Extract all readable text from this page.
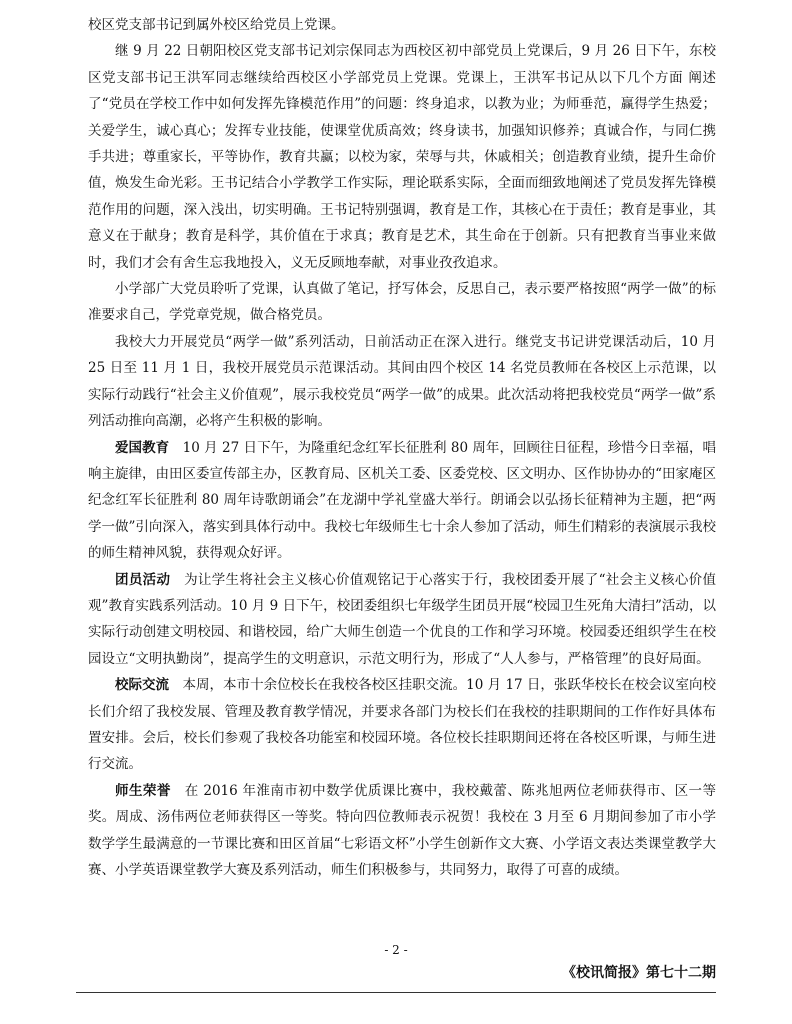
校区党支部书记到属外校区给党员上党课。

继 9 月 22 日朝阳校区党支部书记刘宗保同志为西校区初中部党员上党课后，9 月 26 日下午，东校区党支部书记王洪军同志继续给西校区小学部党员上党课。党课上，王洪军书记从以下几个方面 阐述了“党员在学校工作中如何发挥先锋模范作用”的问题：终身追求，以教为业；为师垂范，赢得学生热爱；关爱学生，诚心真心；发挥专业技能，使课堂优质高效；终身读书，加强知识修养；真诚合作，与同仁携手共进；尊重家长，平等协作，教育共赢；以校为家，荣辱与共，休戚相关；创造教育业绩，提升生命价值，焕发生命光彩。王书记结合小学教学工作实际，理论联系实际，全面而细致地阐述了党员发挥先锋模范作用的问题，深入浅出，切实明确。王书记特别强调，教育是工作，其核心在于责任；教育是事业，其意义在于献身；教育是科学，其价值在于求真；教育是艺术，其生命在于创新。只有把教育当事业来做时，我们才会有舍生忘我地投入，义无反顾地奉献，对事业孜孜追求。

小学部广大党员聆听了党课，认真做了笔记，抒写体会，反思自己，表示要严格按照“两学一做”的标准要求自己，学党章党规，做合格党员。

我校大力开展党员“两学一做”系列活动，日前活动正在深入进行。继党支书记讲党课活动后，10 月 25 日至 11 月 1 日，我校开展党员示范课活动。其间由四个校区 14 名党员教师在各校区上示范课，以实际行动践行“社会主义价值观”，展示我校党员“两学一做”的成果。此次活动将把我校党员“两学一做”系列活动推向高潮，必将产生积极的影响。

爱国教育  10 月 27 日下午，为隆重纪念红军长征胜利 80 周年，回顾往日征程，珍惜今日幸福，唱响主旋律，由田区委宣传部主办，区教育局、区机关工委、区委党校、区文明办、区作协协办的“田家庵区纪念红军长征胜利 80 周年诗歌朗诵会”在龙湖中学礼堂盛大举行。朗诵会以弘扬长征精神为主题，把“两学一做”引向深入，落实到具体行动中。我校七年级师生七十余人参加了活动，师生们精彩的表演展示我校的师生精神风貌，获得观众好评。

团员活动  为让学生将社会主义核心价值观铭记于心落实于行，我校团委开展了“社会主义核心价值观”教育实践系列活动。10 月 9 日下午，校团委组织七年级学生团员开展“校园卫生死角大清扫”活动，以实际行动创建文明校园、和谐校园，给广大师生创造一个优良的工作和学习环境。校园委还组织学生在校园设立“文明执勤岗”，提高学生的文明意识，示范文明行为，形成了“人人参与，严格管理”的良好局面。

校际交流  本周，本市十余位校长在我校各校区挂职交流。10 月 17 日，张跃华校长在校会议室向校长们介绍了我校发展、管理及教育教学情况，并要求各部门为校长们在我校的挂职期间的工作作好具体布置安排。会后，校长们参观了我校各功能室和校园环境。各位校长挂职期间还将在各校区听课，与师生进行交流。

师生荣誉  在 2016 年淮南市初中数学优质课比赛中，我校戴蕾、陈兆旭两位老师获得市、区一等奖。周成、汤伟两位老师获得区一等奖。特向四位教师表示祝贺！我校在 3 月至 6 月期间参加了市小学数学学生最满意的一节课比赛和田区首届“七彩语文杯”小学生创新作文大赛、小学语文表达类课堂教学大赛、小学英语课堂教学大赛及系列活动，师生们积极参与，共同努力，取得了可喜的成绩。

- 2 -
《校讯简报》第七十二期
